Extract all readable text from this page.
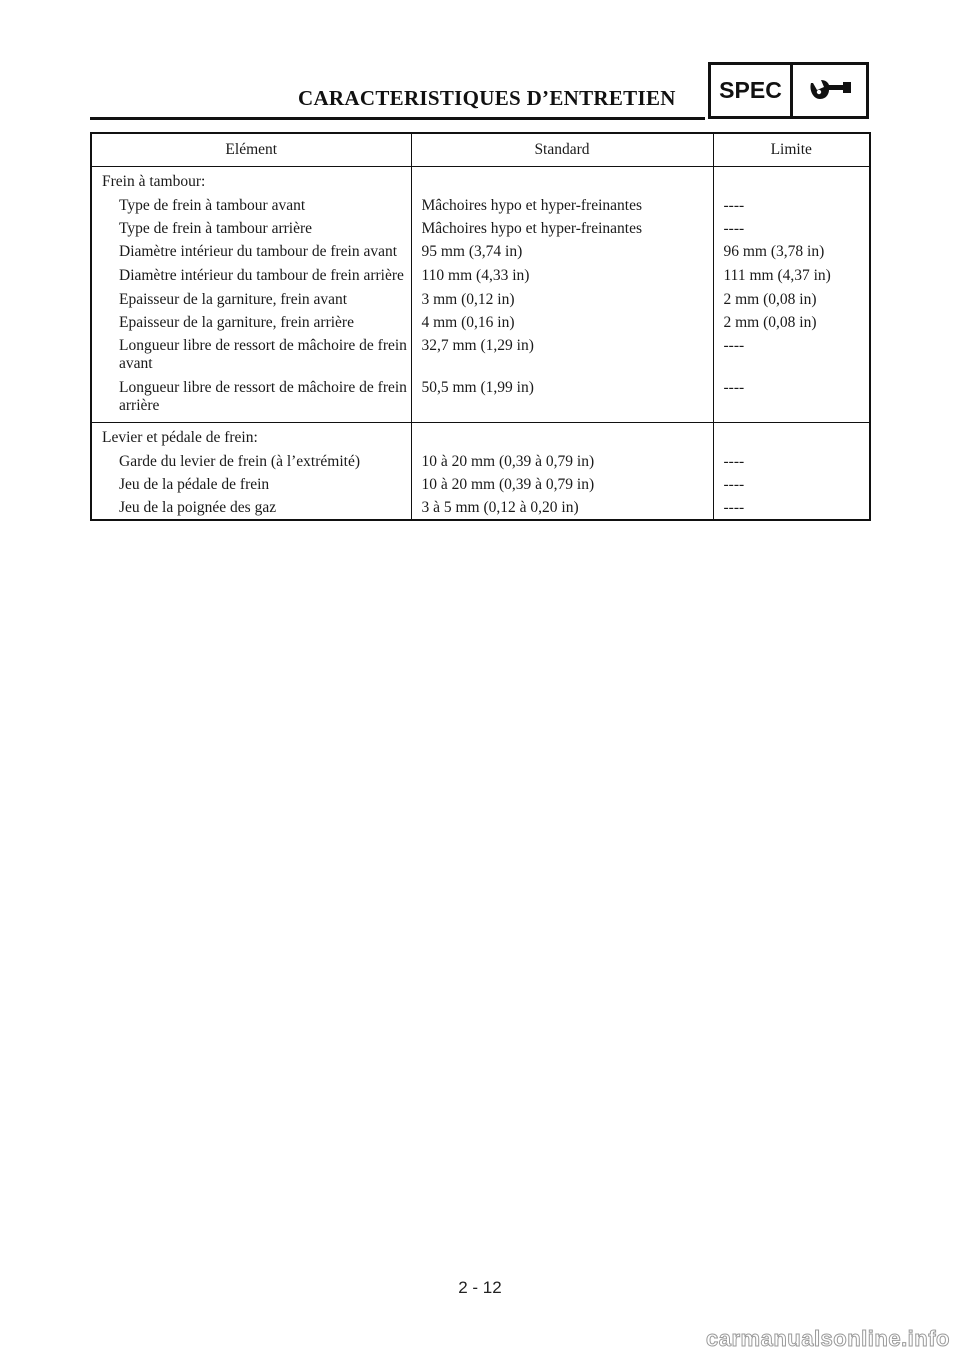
CARACTERISTIQUES D’ENTRETIEN	SPEC
Elément	Standard	Limite
Frein à tambour:		
Type de frein à tambour avant	Mâchoires hypo et hyper-freinantes	----
Type de frein à tambour arrière	Mâchoires hypo et hyper-freinantes	----
Diamètre intérieur du tambour de frein avant	95 mm (3,74 in)	96 mm (3,78 in)
Diamètre intérieur du tambour de frein arrière	110 mm (4,33 in)	111 mm (4,37 in)
Epaisseur de la garniture, frein avant	3 mm (0,12 in)	2 mm (0,08 in)
Epaisseur de la garniture, frein arrière	4 mm (0,16 in)	2 mm (0,08 in)
Longueur libre de ressort de mâchoire de frein avant	32,7 mm (1,29 in)	----
Longueur libre de ressort de mâchoire de frein arrière	50,5 mm (1,99 in)	----
Levier et pédale de frein:		
Garde du levier de frein (à l’extrémité)	10 à 20 mm (0,39 à 0,79 in)	----
Jeu de la pédale de frein	10 à 20 mm (0,39 à 0,79 in)	----
Jeu de la poignée des gaz	3 à 5 mm (0,12 à 0,20 in)	----
2 - 12
carmanualsonline.info
